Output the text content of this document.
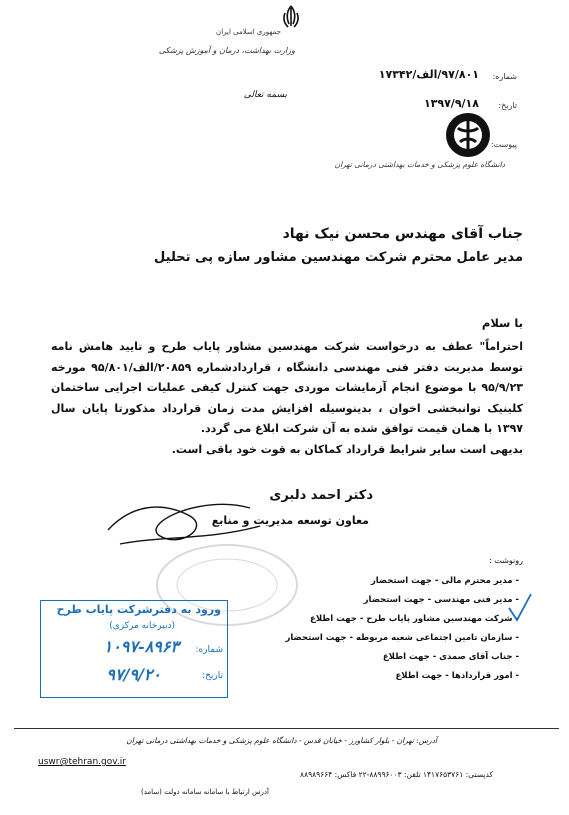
جمهوری اسلامی ایران
وزارت بهداشت، درمان و آموزش پزشکی
بسمه تعالی
شماره:
۹۷/۸۰۱/الف/۱۷۳۴۲
تاریخ:
۱۳۹۷/۹/۱۸
پیوست:
دانشگاه علوم پزشکی و خدمات بهداشتی درمانی تهران
جناب آقای مهندس محسن نیک نهاد
مدیر عامل محترم شرکت مهندسین مشاور سازه پی تحلیل
با سلام

احتراماً" عطف به درخواست شرکت مهندسین مشاور پایاب طرح و تایید هامش نامه توسط مدیریت دفتر فنی مهندسی دانشگاه ، قراردادشماره ۲۰۸۵۹/الف/۹۵/۸۰۱ مورخه ۹۵/۹/۲۳ با موضوع انجام آزمایشات موردی جهت کنترل کیفی عملیات اجرایی ساختمان کلینیک توانبخشی اخوان ، بدینوسیله افزایش مدت زمان قرارداد مذکورتا پایان سال ۱۳۹۷ با همان قیمت توافق شده به آن شرکت ابلاغ می گردد.

بدیهی است سایر شرایط قرارداد کماکان به قوت خود باقی است.

دکتر احمد دلبری
معاون توسعه مدیریت و منابع
رونوشت :
- مدیر محترم مالی - جهت استحضار
- مدیر فنی مهندسی - جهت استحضار
- شرکت مهندسین مشاور پایاب طرح - جهت اطلاع
- سازمان تامین اجتماعی شعبه مربوطه - جهت استحضار
- جناب آقای صمدی - جهت اطلاع
- امور قراردادها - جهت اطلاع
ورود به دفترشرکت پایاب طرح
(دبیرخانه مرکزی)
شماره:
۱۰۹۷-۸۹۶۳
تاریخ:
۹۷/۹/۲۰
آدرس: تهران - بلوار کشاورز - خیابان قدس - دانشگاه علوم پزشکی و خدمات بهداشتی درمانی تهران
کدپستی: ۱۴۱۷۶۵۳۷۶۱ تلفن: ۸۸۹۹۶۰۰۳-۲۲ فاکس: ۸۸۹۸۹۶۶۴
آدرس ارتباط با سامانه سامانه دولت (سامد)
uswr@tehran.gov.ir
